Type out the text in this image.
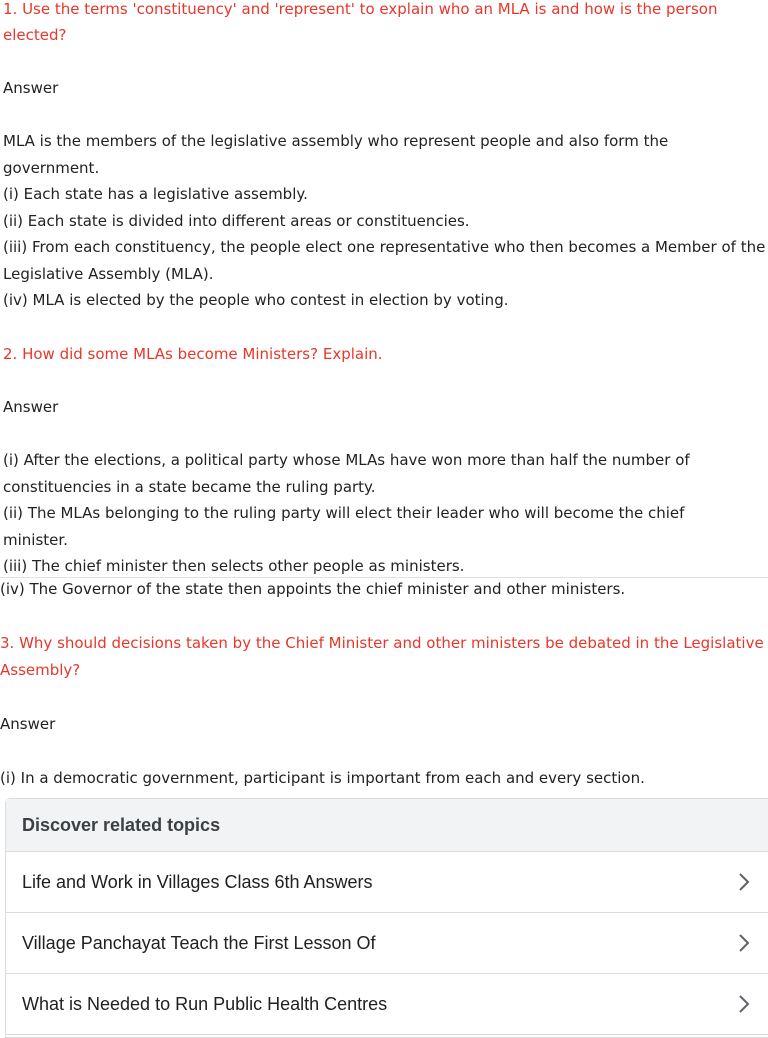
1. Use the terms 'constituency' and 'represent' to explain who an MLA is and how is the person elected?

Answer

MLA is the members of the legislative assembly who represent people and also form the government.

(i) Each state has a legislative assembly.

(ii) Each state is divided into different areas or constituencies.

(iii) From each constituency, the people elect one representative who then becomes a Member of the Legislative Assembly (MLA).

(iv) MLA is elected by the people who contest in election by voting.

2. How did some MLAs become Ministers? Explain.

Answer

(i) After the elections, a political party whose MLAs have won more than half the number of constituencies in a state became the ruling party.

(ii) The MLAs belonging to the ruling party will elect their leader who will become the chief minister.

(iii) The chief minister then selects other people as ministers.

(iv) The Governor of the state then appoints the chief minister and other ministers.

3. Why should decisions taken by the Chief Minister and other ministers be debated in the Legislative Assembly?

Answer

(i) In a democratic government, participant is important from each and every section.

Discover related topics
Life and Work in Villages Class 6th Answers
Village Panchayat Teach the First Lesson Of
What is Needed to Run Public Health Centres
